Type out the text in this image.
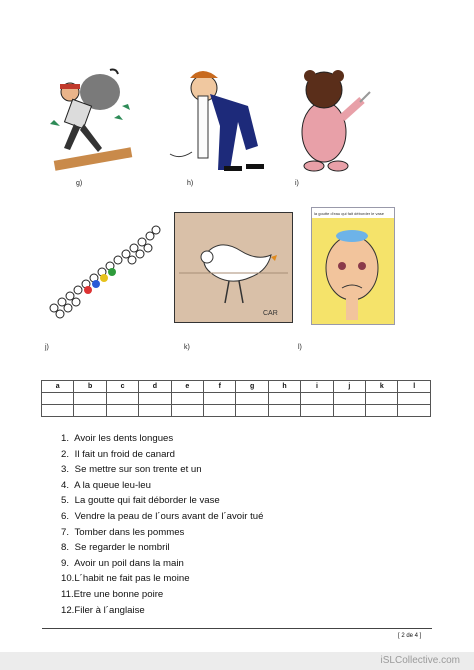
g)	h)	i)
CAR
la goutte d'eau qui fait déborder le vase
j)	k)	l)
a	b	c	d	e	f	g	h	i	j	k	l

1. Avoir les dents longues
2. Il fait un froid de canard
3. Se mettre sur son trente et un
4. A la queue leu-leu
5. La goutte qui fait déborder le vase
6. Vendre la peau de l´ours avant de l´avoir tué
7. Tomber dans les pommes
8. Se regarder le nombril
9. Avoir un poil dans la main
10.L´habit ne fait pas le moine
11.Etre une bonne poire
12.Filer à l´anglaise
[ 2 de 4 ]
iSLCollective.com
